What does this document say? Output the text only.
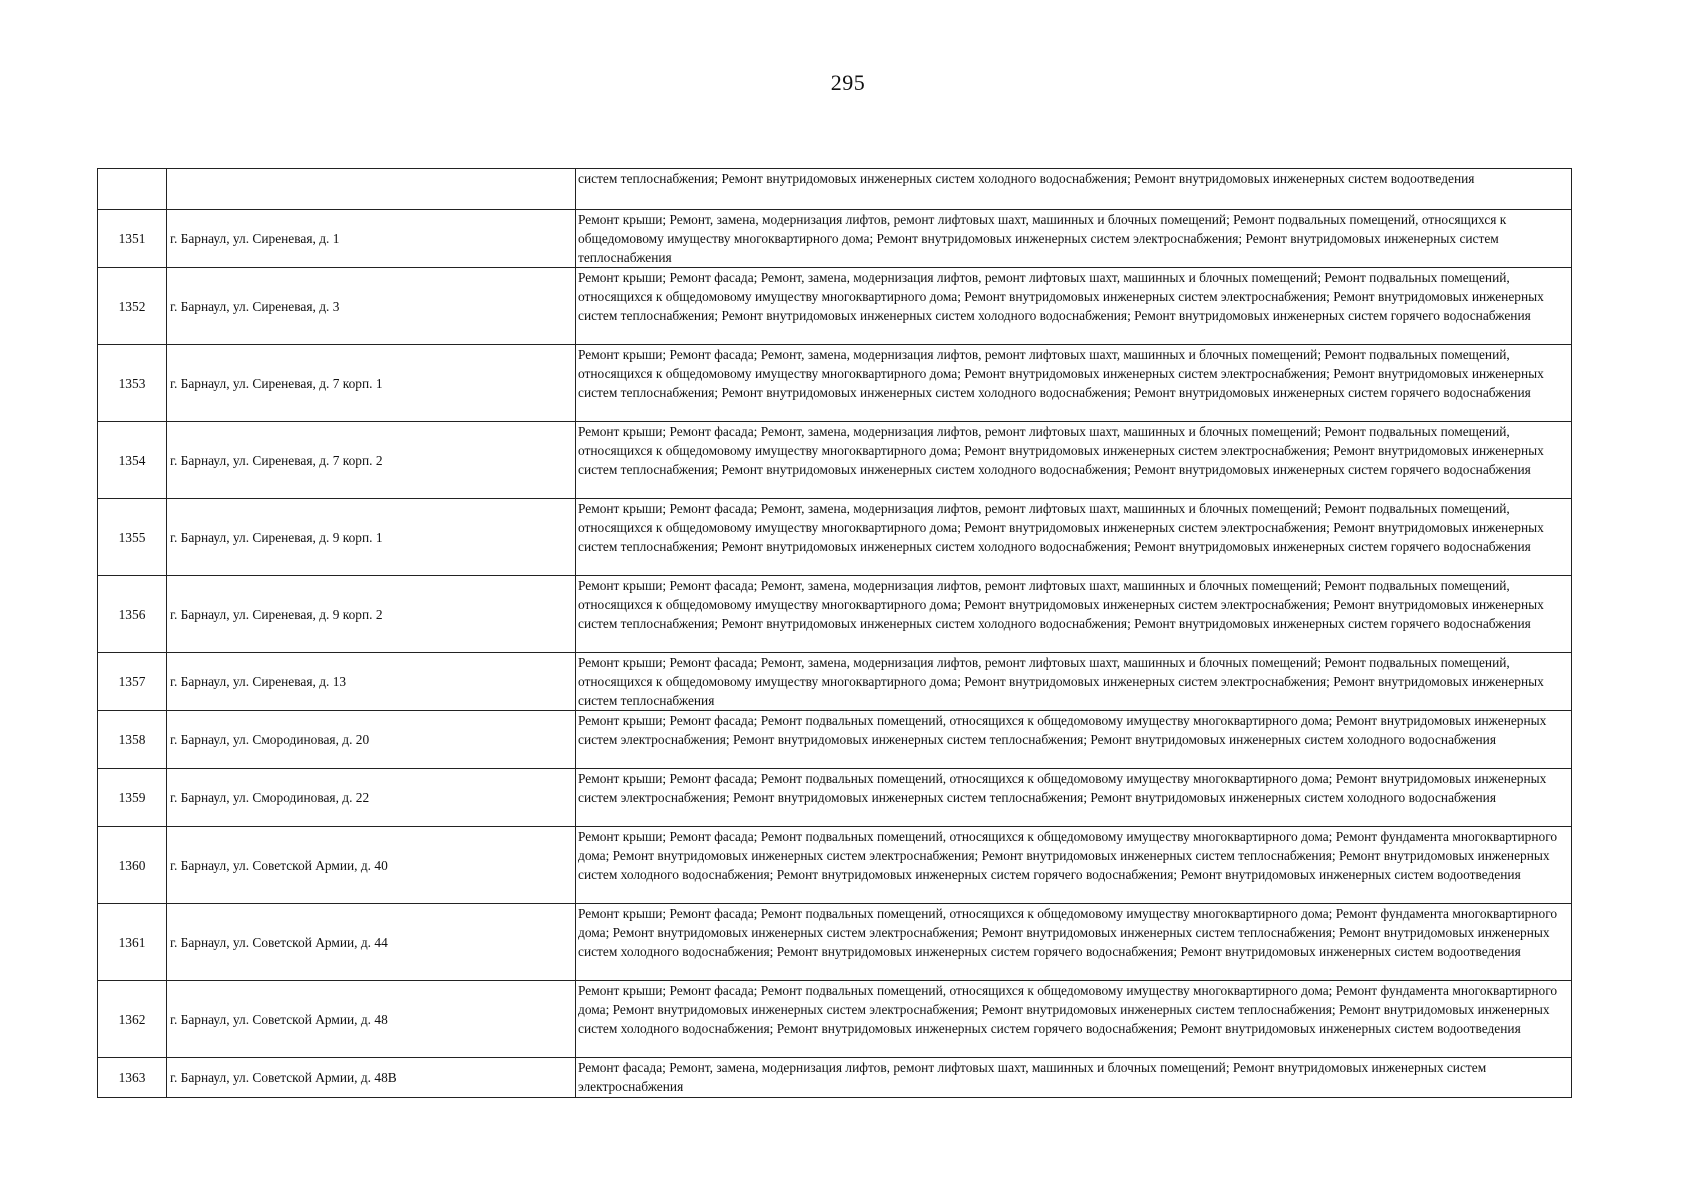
295
		систем теплоснабжения; Ремонт внутридомовых инженерных систем холодного водоснабжения; Ремонт внутридомовых инженерных систем водоотведения
1351	г. Барнаул, ул. Сиреневая, д. 1	Ремонт крыши; Ремонт, замена, модернизация лифтов, ремонт лифтовых шахт, машинных и блочных помещений; Ремонт подвальных помещений, относящихся к общедомовому имуществу многоквартирного дома; Ремонт внутридомовых инженерных систем электроснабжения; Ремонт внутридомовых инженерных систем теплоснабжения
1352	г. Барнаул, ул. Сиреневая, д. 3	Ремонт крыши; Ремонт фасада; Ремонт, замена, модернизация лифтов, ремонт лифтовых шахт, машинных и блочных помещений; Ремонт подвальных помещений, относящихся к общедомовому имуществу многоквартирного дома; Ремонт внутридомовых инженерных систем электроснабжения; Ремонт внутридомовых инженерных систем теплоснабжения; Ремонт внутридомовых инженерных систем холодного водоснабжения; Ремонт внутридомовых инженерных систем горячего водоснабжения
1353	г. Барнаул, ул. Сиреневая, д. 7 корп. 1	Ремонт крыши; Ремонт фасада; Ремонт, замена, модернизация лифтов, ремонт лифтовых шахт, машинных и блочных помещений; Ремонт подвальных помещений, относящихся к общедомовому имуществу многоквартирного дома; Ремонт внутридомовых инженерных систем электроснабжения; Ремонт внутридомовых инженерных систем теплоснабжения; Ремонт внутридомовых инженерных систем холодного водоснабжения; Ремонт внутридомовых инженерных систем горячего водоснабжения
1354	г. Барнаул, ул. Сиреневая, д. 7 корп. 2	Ремонт крыши; Ремонт фасада; Ремонт, замена, модернизация лифтов, ремонт лифтовых шахт, машинных и блочных помещений; Ремонт подвальных помещений, относящихся к общедомовому имуществу многоквартирного дома; Ремонт внутридомовых инженерных систем электроснабжения; Ремонт внутридомовых инженерных систем теплоснабжения; Ремонт внутридомовых инженерных систем холодного водоснабжения; Ремонт внутридомовых инженерных систем горячего водоснабжения
1355	г. Барнаул, ул. Сиреневая, д. 9 корп. 1	Ремонт крыши; Ремонт фасада; Ремонт, замена, модернизация лифтов, ремонт лифтовых шахт, машинных и блочных помещений; Ремонт подвальных помещений, относящихся к общедомовому имуществу многоквартирного дома; Ремонт внутридомовых инженерных систем электроснабжения; Ремонт внутридомовых инженерных систем теплоснабжения; Ремонт внутридомовых инженерных систем холодного водоснабжения; Ремонт внутридомовых инженерных систем горячего водоснабжения
1356	г. Барнаул, ул. Сиреневая, д. 9 корп. 2	Ремонт крыши; Ремонт фасада; Ремонт, замена, модернизация лифтов, ремонт лифтовых шахт, машинных и блочных помещений; Ремонт подвальных помещений, относящихся к общедомовому имуществу многоквартирного дома; Ремонт внутридомовых инженерных систем электроснабжения; Ремонт внутридомовых инженерных систем теплоснабжения; Ремонт внутридомовых инженерных систем холодного водоснабжения; Ремонт внутридомовых инженерных систем горячего водоснабжения
1357	г. Барнаул, ул. Сиреневая, д. 13	Ремонт крыши; Ремонт фасада; Ремонт, замена, модернизация лифтов, ремонт лифтовых шахт, машинных и блочных помещений; Ремонт подвальных помещений, относящихся к общедомовому имуществу многоквартирного дома; Ремонт внутридомовых инженерных систем электроснабжения; Ремонт внутридомовых инженерных систем теплоснабжения
1358	г. Барнаул, ул. Смородиновая, д. 20	Ремонт крыши; Ремонт фасада; Ремонт подвальных помещений, относящихся к общедомовому имуществу многоквартирного дома; Ремонт внутридомовых инженерных систем электроснабжения; Ремонт внутридомовых инженерных систем теплоснабжения; Ремонт внутридомовых инженерных систем холодного водоснабжения
1359	г. Барнаул, ул. Смородиновая, д. 22	Ремонт крыши; Ремонт фасада; Ремонт подвальных помещений, относящихся к общедомовому имуществу многоквартирного дома; Ремонт внутридомовых инженерных систем электроснабжения; Ремонт внутридомовых инженерных систем теплоснабжения; Ремонт внутридомовых инженерных систем холодного водоснабжения
1360	г. Барнаул, ул. Советской Армии, д. 40	Ремонт крыши; Ремонт фасада; Ремонт подвальных помещений, относящихся к общедомовому имуществу многоквартирного дома; Ремонт фундамента многоквартирного дома; Ремонт внутридомовых инженерных систем электроснабжения; Ремонт внутридомовых инженерных систем теплоснабжения; Ремонт внутридомовых инженерных систем холодного водоснабжения; Ремонт внутридомовых инженерных систем горячего водоснабжения; Ремонт внутридомовых инженерных систем водоотведения
1361	г. Барнаул, ул. Советской Армии, д. 44	Ремонт крыши; Ремонт фасада; Ремонт подвальных помещений, относящихся к общедомовому имуществу многоквартирного дома; Ремонт фундамента многоквартирного дома; Ремонт внутридомовых инженерных систем электроснабжения; Ремонт внутридомовых инженерных систем теплоснабжения; Ремонт внутридомовых инженерных систем холодного водоснабжения; Ремонт внутридомовых инженерных систем горячего водоснабжения; Ремонт внутридомовых инженерных систем водоотведения
1362	г. Барнаул, ул. Советской Армии, д. 48	Ремонт крыши; Ремонт фасада; Ремонт подвальных помещений, относящихся к общедомовому имуществу многоквартирного дома; Ремонт фундамента многоквартирного дома; Ремонт внутридомовых инженерных систем электроснабжения; Ремонт внутридомовых инженерных систем теплоснабжения; Ремонт внутридомовых инженерных систем холодного водоснабжения; Ремонт внутридомовых инженерных систем горячего водоснабжения; Ремонт внутридомовых инженерных систем водоотведения
1363	г. Барнаул, ул. Советской Армии, д. 48В	Ремонт фасада; Ремонт, замена, модернизация лифтов, ремонт лифтовых шахт, машинных и блочных помещений; Ремонт внутридомовых инженерных систем электроснабжения
